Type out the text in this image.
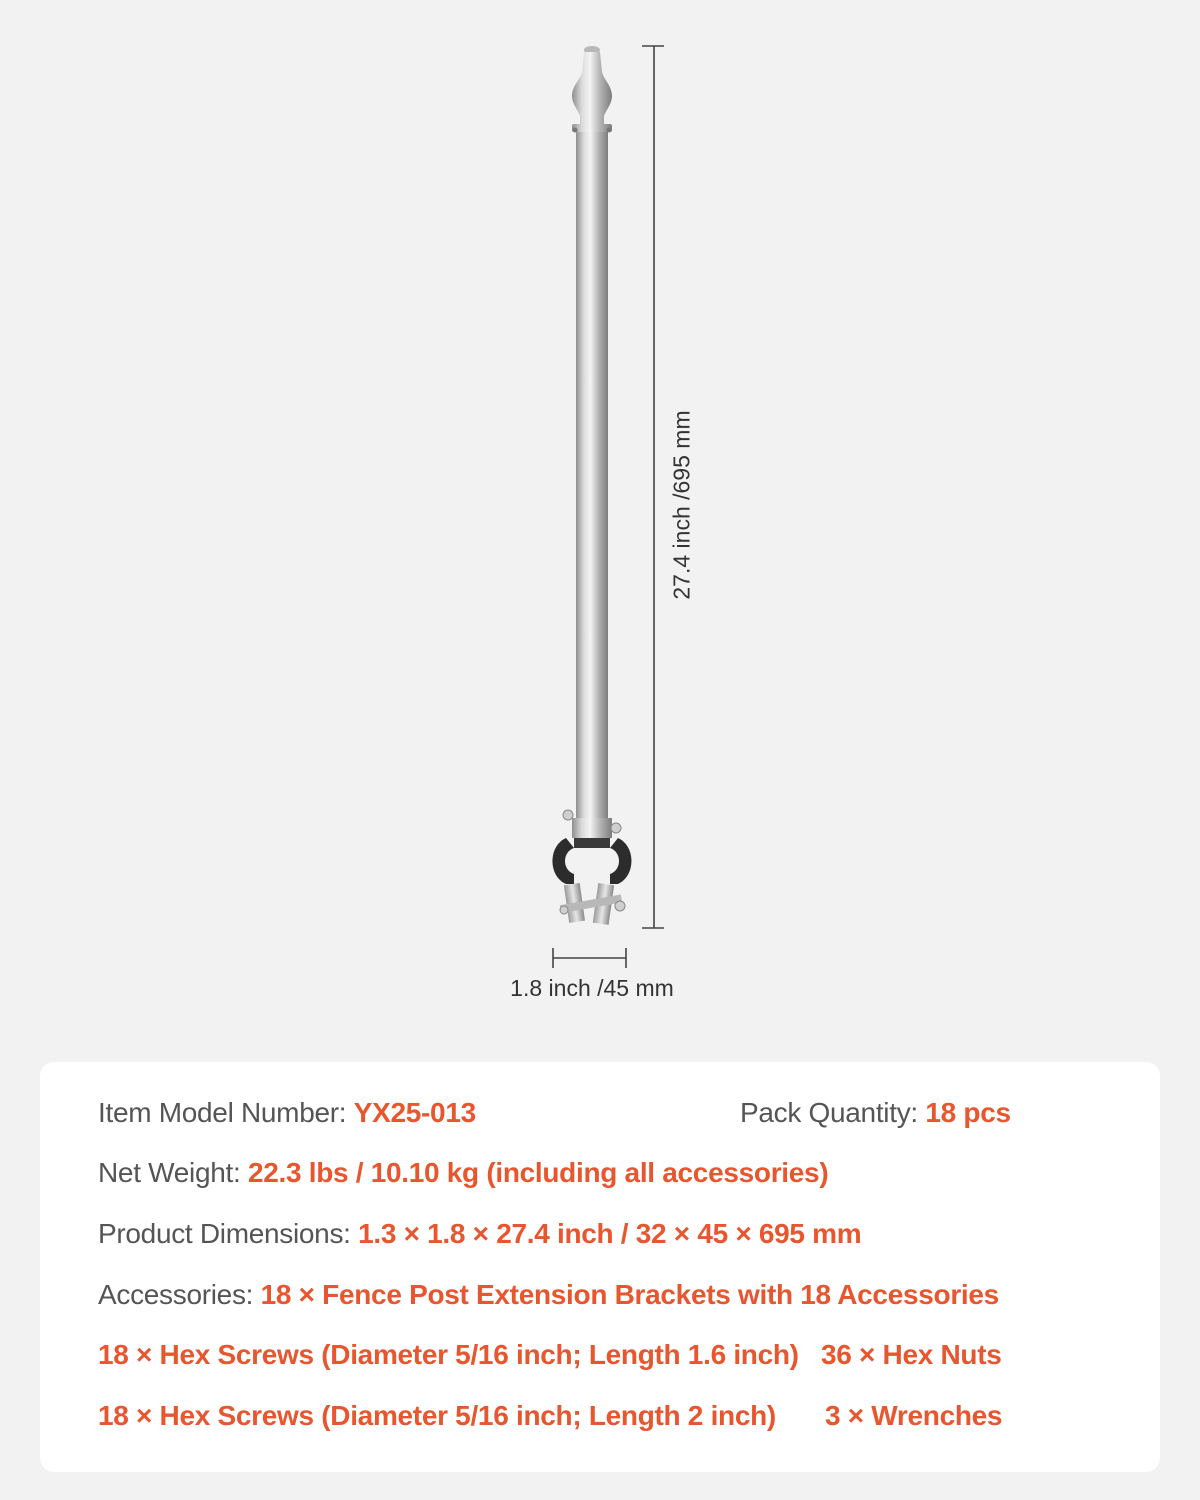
27.4 inch /695 mm
1.8 inch /45 mm
Item Model Number: YX25-013	Pack Quantity: 18 pcs
Net Weight: 22.3 lbs / 10.10 kg (including all accessories)
Product Dimensions: 1.3 × 1.8 × 27.4 inch / 32 × 45 × 695 mm
Accessories: 18 × Fence Post Extension Brackets with 18 Accessories
18 × Hex Screws (Diameter 5/16 inch; Length 1.6 inch) 36 × Hex Nuts
18 × Hex Screws (Diameter 5/16 inch; Length 2 inch) 3 × Wrenches
